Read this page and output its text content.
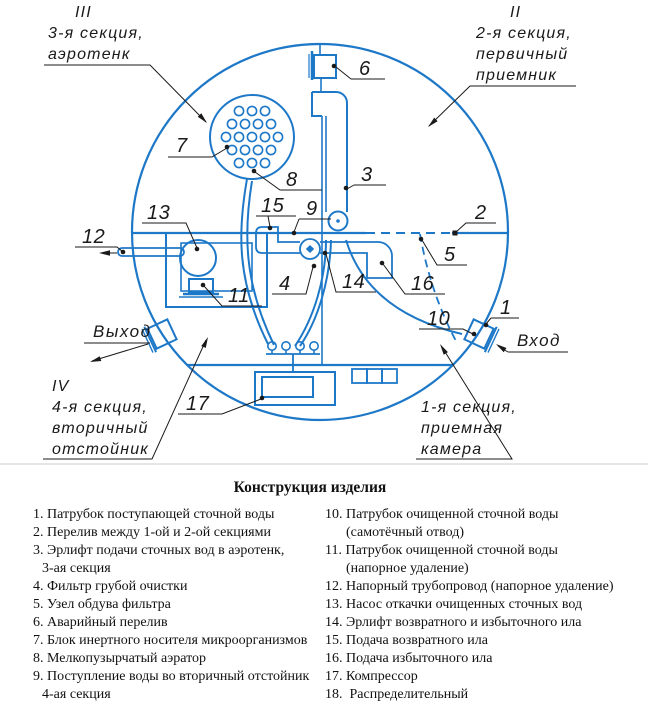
7
8
15 9
13
12
11
4	14 16
5
2
3
6
10 1
17
III
3-я секция,
аэротенк
II
2-я секция,
первичный
приемник
IV
4-я секция,
вторичный
отстойник
1-я секция,
приемная
камера
Выход	Вход
Конструкция изделия
1. Патрубок поступающей сточной воды
2. Перелив между 1-ой и 2-ой секциями
3. Эрлифт подачи сточных вод в аэротенк,
3-ая секция
4. Фильтр грубой очистки
5. Узел обдува фильтра
6. Аварийный перелив
7. Блок инертного носителя микроорганизмов
8. Мелкопузырчатый аэратор
9. Поступление воды во вторичный отстойник
4-ая секция
10. Патрубок очищенной сточной воды
(самотёчный отвод)
11. Патрубок очищенной сточной воды
(напорное удаление)
12. Напорный трубопровод (напорное удаление)
13. Насос откачки очищенных сточных вод
14. Эрлифт возвратного и избыточного ила
15. Подача возвратного ила
16. Подача избыточного ила
17. Компрессор
18.  Распределительный
